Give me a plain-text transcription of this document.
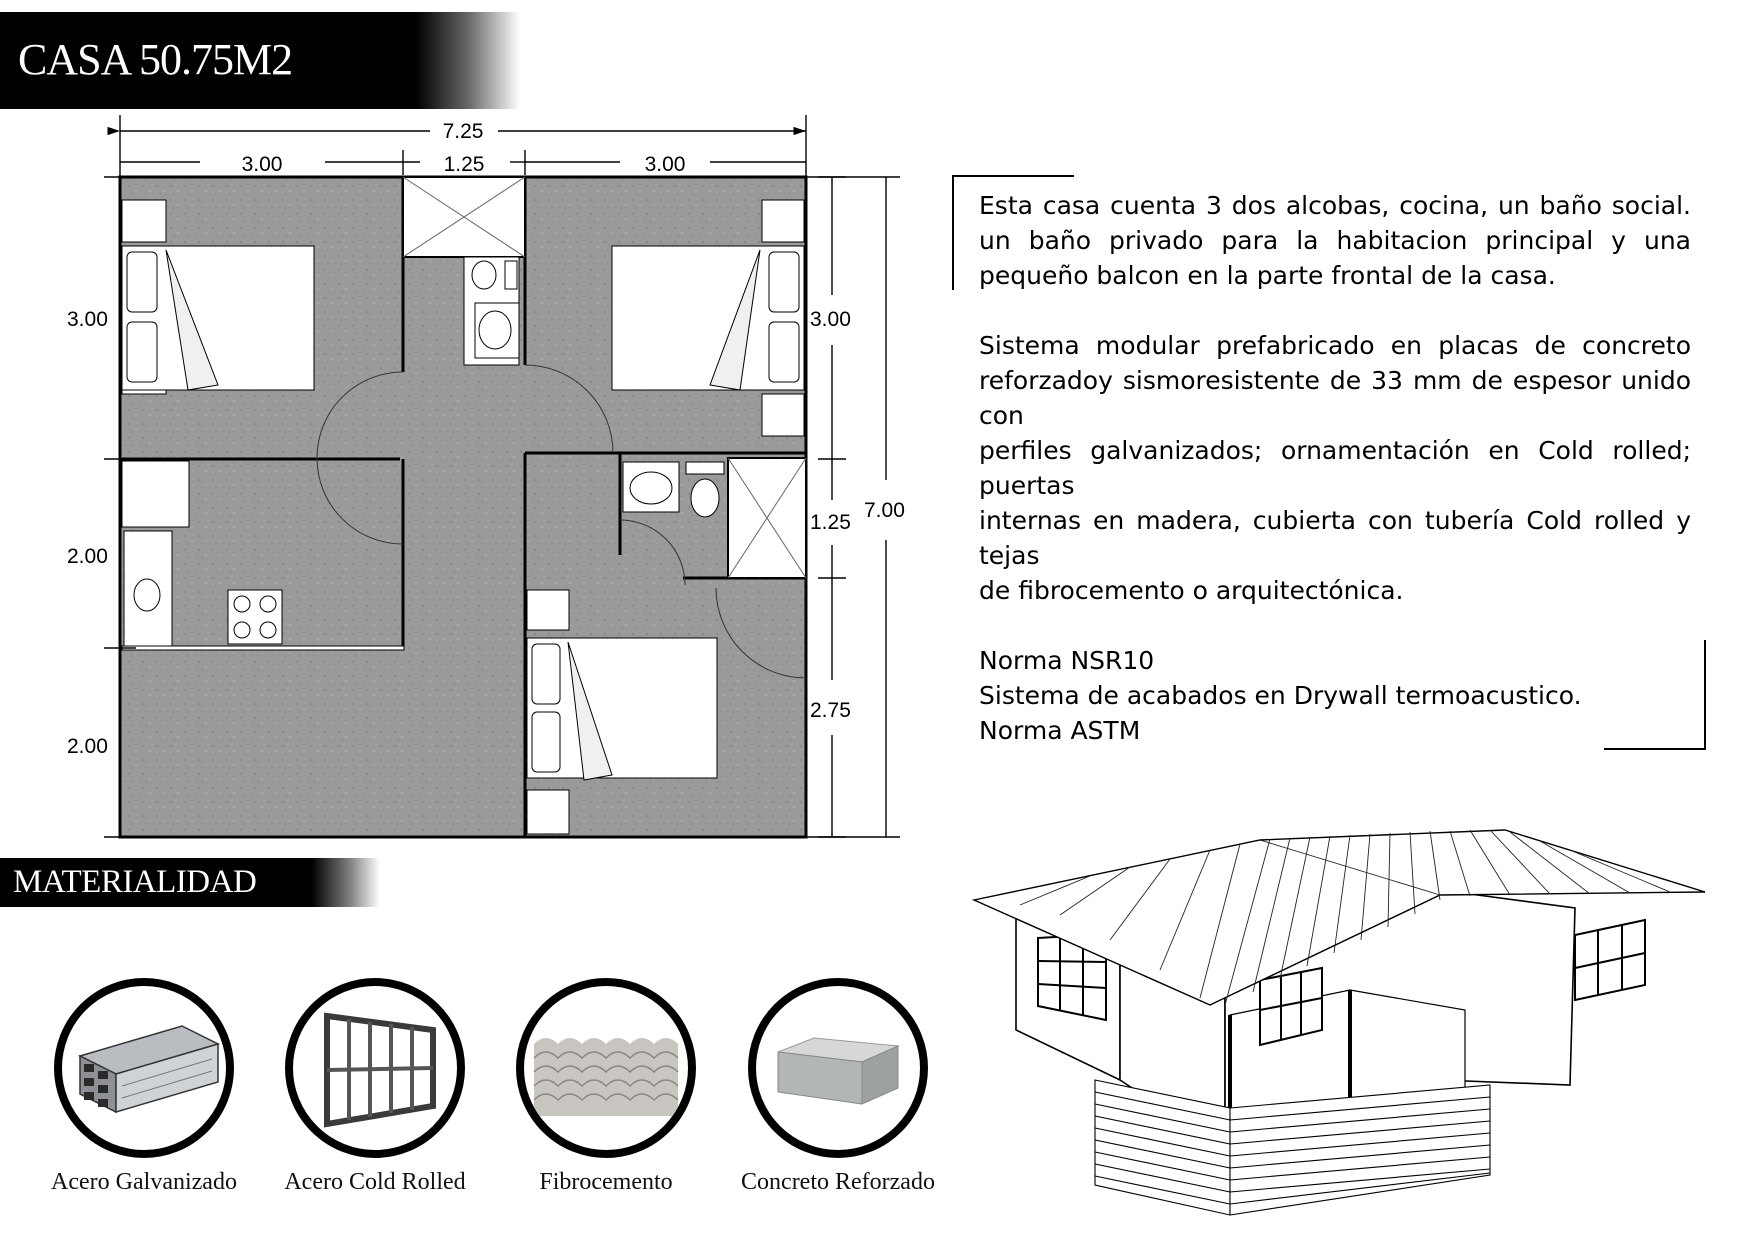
CASA 50.75M2
7.25
3.00	1.25	3.00
3.00
2.00
2.00
3.00
1.25
2.75
7.00

Esta casa cuenta 3 dos alcobas, cocina, un baño social. un baño privado para la habitacion principal y una pequeño balcon en la parte frontal de la casa.

Sistema modular prefabricado en placas de concreto reforzadoy sismoresistente de 33 mm de espesor unido con

perfiles galvanizados; ornamentación en Cold rolled; puertas

internas en madera, cubierta con tubería Cold rolled y tejas

de fibrocemento o arquitectónica.

Norma NSR10

Sistema de acabados en Drywall termoacustico.

Norma ASTM

MATERIALIDAD
Acero Galvanizado	Acero Cold Rolled	Fibrocemento	Concreto Reforzado
